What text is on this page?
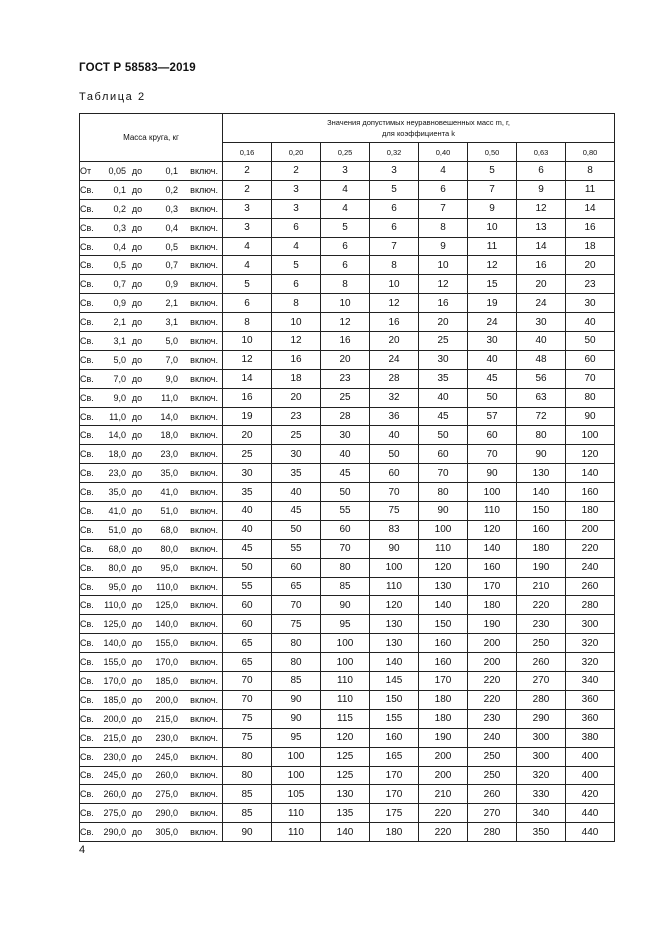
ГОСТ Р 58583—2019
Таблица 2
Масса круга, кг	Значения допустимых неуравновешенных масс m, г,
для коэффициента k							

	0,16	0,20	0,25	0,32	0,40	0,50	0,63	0,80
От 0,05 до 0,1 включ.	2	2	3	3	4	5	6	8
Св. 0,1 до 0,2 включ.	2	3	4	5	6	7	9	11
Св. 0,2 до 0,3 включ.	3	3	4	6	7	9	12	14
Св. 0,3 до 0,4 включ.	3	6	5	6	8	10	13	16
Св. 0,4 до 0,5 включ.	4	4	6	7	9	11	14	18
Св. 0,5 до 0,7 включ.	4	5	6	8	10	12	16	20
Св. 0,7 до 0,9 включ.	5	6	8	10	12	15	20	23
Св. 0,9 до 2,1 включ.	6	8	10	12	16	19	24	30
Св. 2,1 до 3,1 включ.	8	10	12	16	20	24	30	40
Св. 3,1 до 5,0 включ.	10	12	16	20	25	30	40	50
Св. 5,0 до 7,0 включ.	12	16	20	24	30	40	48	60
Св. 7,0 до 9,0 включ.	14	18	23	28	35	45	56	70
Св. 9,0 до 11,0 включ.	16	20	25	32	40	50	63	80
Св. 11,0 до 14,0 включ.	19	23	28	36	45	57	72	90
Св. 14,0 до 18,0 включ.	20	25	30	40	50	60	80	100
Св. 18,0 до 23,0 включ.	25	30	40	50	60	70	90	120
Св. 23,0 до 35,0 включ.	30	35	45	60	70	90	130	140
Св. 35,0 до 41,0 включ.	35	40	50	70	80	100	140	160
Св. 41,0 до 51,0 включ.	40	45	55	75	90	110	150	180
Св. 51,0 до 68,0 включ.	40	50	60	83	100	120	160	200
Св. 68,0 до 80,0 включ.	45	55	70	90	110	140	180	220
Св. 80,0 до 95,0 включ.	50	60	80	100	120	160	190	240
Св. 95,0 до 110,0 включ.	55	65	85	110	130	170	210	260
Св. 110,0 до 125,0 включ.	60	70	90	120	140	180	220	280
Св. 125,0 до 140,0 включ.	60	75	95	130	150	190	230	300
Св. 140,0 до 155,0 включ.	65	80	100	130	160	200	250	320
Св. 155,0 до 170,0 включ.	65	80	100	140	160	200	260	320
Св. 170,0 до 185,0 включ.	70	85	110	145	170	220	270	340
Св. 185,0 до 200,0 включ.	70	90	110	150	180	220	280	360
Св. 200,0 до 215,0 включ.	75	90	115	155	180	230	290	360
Св. 215,0 до 230,0 включ.	75	95	120	160	190	240	300	380
Св. 230,0 до 245,0 включ.	80	100	125	165	200	250	300	400
Св. 245,0 до 260,0 включ.	80	100	125	170	200	250	320	400
Св. 260,0 до 275,0 включ.	85	105	130	170	210	260	330	420
Св. 275,0 до 290,0 включ.	85	110	135	175	220	270	340	440
Св. 290,0 до 305,0 включ.	90	110	140	180	220	280	350	440
4
